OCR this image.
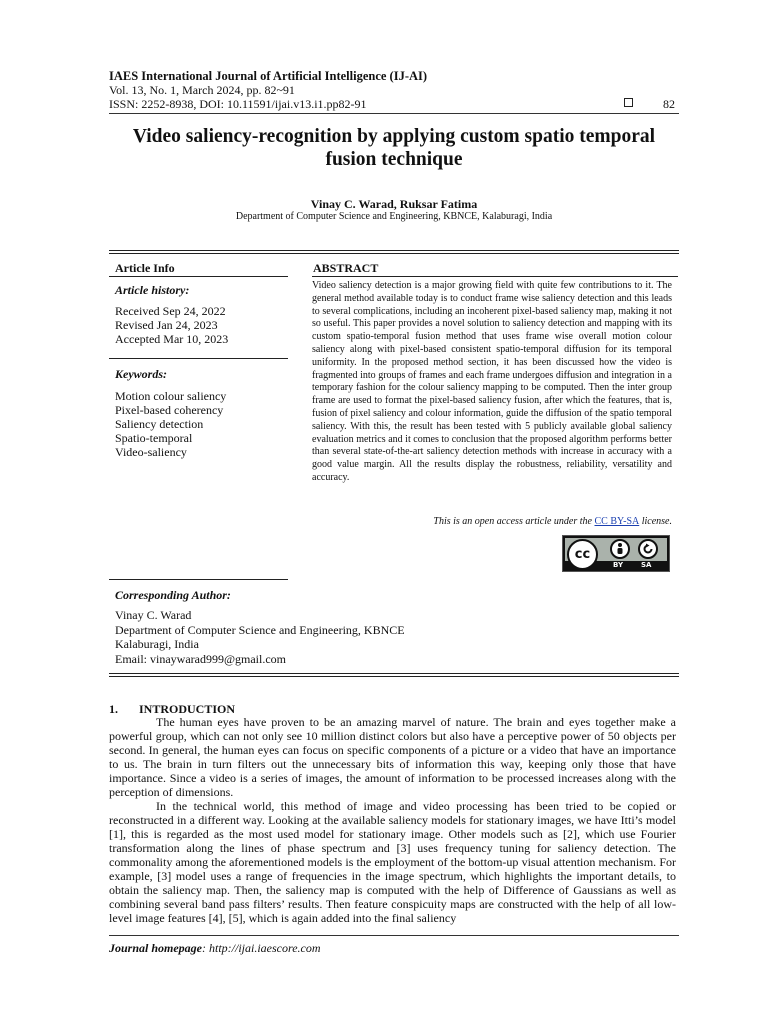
IAES International Journal of Artificial Intelligence (IJ-AI)
Vol. 13, No. 1, March 2024, pp. 82~91
ISSN: 2252-8938, DOI: 10.11591/ijai.v13.i1.pp82-91	82
Video saliency-recognition by applying custom spatio temporal
fusion technique
Vinay C. Warad, Ruksar Fatima
Department of Computer Science and Engineering, KBNCE, Kalaburagi, India
Article Info
Article history:
Received Sep 24, 2022
Revised Jan 24, 2023
Accepted Mar 10, 2023
Keywords:
Motion colour saliency
Pixel-based coherency
Saliency detection
Spatio-temporal
Video-saliency
ABSTRACT
Video saliency detection is a major growing field with quite few contributions to it. The general method available today is to conduct frame wise saliency detection and this leads to several complications, including an incoherent pixel-based saliency map, making it not so useful. This paper provides a novel solution to saliency detection and mapping with its custom spatio-temporal fusion method that uses frame wise overall motion colour saliency along with pixel-based consistent spatio-temporal diffusion for its temporal uniformity. In the proposed method section, it has been discussed how the video is fragmented into groups of frames and each frame undergoes diffusion and integration in a temporary fashion for the colour saliency mapping to be computed. Then the inter group frame are used to format the pixel-based saliency fusion, after which the features, that is, fusion of pixel saliency and colour information, guide the diffusion of the spatio temporal saliency. With this, the result has been tested with 5 publicly available global saliency evaluation metrics and it comes to conclusion that the proposed algorithm performs better than several state-of-the-art saliency detection methods with increase in accuracy with a good value margin. All the results display the robustness, reliability, versatility and accuracy.
This is an open access article under the CC BY-SA license.
cc
BY	SA
Corresponding Author:
Vinay C. Warad
Department of Computer Science and Engineering, KBNCE
Kalaburagi, India
Email: vinaywarad999@gmail.com
1. INTRODUCTION

The human eyes have proven to be an amazing marvel of nature. The brain and eyes together make a powerful group, which can not only see 10 million distinct colors but also have a perceptive power of 50 objects per second. In general, the human eyes can focus on specific components of a picture or a video that have an importance to us. The brain in turn filters out the unnecessary bits of information this way, keeping only those that have importance. Since a video is a series of images, the amount of information to be processed increases along with the perception of dimensions.

In the technical world, this method of image and video processing has been tried to be copied or reconstructed in a different way. Looking at the available saliency models for stationary images, we have Itti’s model [1], this is regarded as the most used model for stationary image. Other models such as [2], which use Fourier transformation along the lines of phase spectrum and [3] uses frequency tuning for saliency detection. The commonality among the aforementioned models is the employment of the bottom-up visual attention mechanism. For example, [3] model uses a range of frequencies in the image spectrum, which highlights the important details, to obtain the saliency map. Then, the saliency map is computed with the help of Difference of Gaussians as well as combining several band pass filters’ results. Then feature conspicuity maps are constructed with the help of all low-level image features [4], [5], which is again added into the final saliency

Journal homepage: http://ijai.iaescore.com
